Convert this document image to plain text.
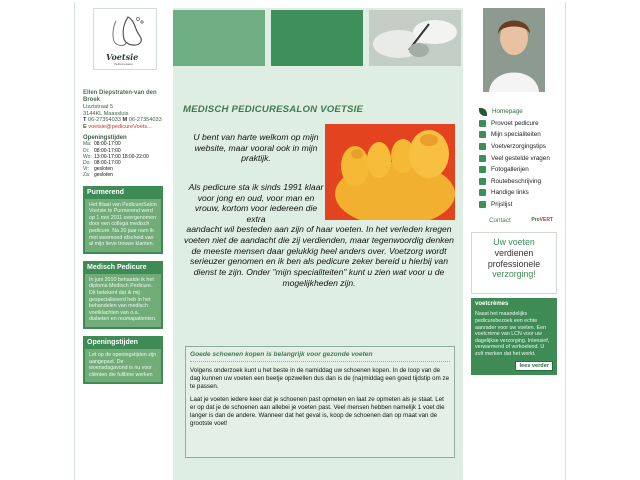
Voetsie
Pedicuresalon
Ellen Diepstraten-van den Broek
Lisztstraat 5
3144KL Maassluis
T 06-27354033 M 06-27354033
E voetsie@pedicureVoets...
Openingstijden
Ma: 08:00-17:00
Di: 08:00-17:00
Wo: 13:00-17:00 18:00-22:00
Do: 08:00-17:00
Vr: gesloten
Za: gesloten
Purmerend
Het filiaal van PedicureSalon Voetsie te Purmerend werd op 1 mei 2011 overgenomen door een collega medisch pedicure. Na 20 jaar nam ik met weemoed afscheid van al mijn lieve trouwe klanten.
Medisch Pedicure
In juni 2010 behaalde ik het diploma Medisch Pedicure. Dit betekent dat ik mij gespecialiseerd heb in het behandelen van medisch voetklachten van o.a. diabeten en reumapatienten.
Openingstijden
Let op de openingstijden zijn aangepast. De woensdagavond is nu voor cliënten die fulltime werken
MEDISCH PEDICURESALON VOETSIE
U bent van harte welkom op mijn website, maar vooral ook in mijn praktijk.
Als pedicure sta ik sinds 1991 klaar voor jong en oud, voor man en vrouw, kortom voor iedereen die extra
aandacht wil besteden aan zijn of haar voeten. In het verleden kregen voeten niet de aandacht die zij verdienden, maar tegenwoordig denken de meeste mensen daar gelukkig heel anders over. Voetzorg wordt serieuzer genomen en ik ben als pedicure zeker bereid u hierbij van dienst te zijn. Onder "mijn specialiteiten" kunt u zien wat voor u de mogelijkheden zijn.
Goede schoenen kopen is belangrijk voor gezonde voeten

Volgens onderzoek kunt u het beste in de namiddag uw schoenen kopen. In de loop van de dag kunnen uw voeten een beetje opzwellen dus dan is de (na)middag een goed tijdstip om ze te passen.

Laat je voeten iedere keer dat je schoenen past opmeten en laat ze opmeten als je staat. Let er op dat je de schoenen aan allebei je voeten past. Veel mensen hebben namelijk 1 voet die langer is dan de andere. Wanneer dat het geval is, koop de schoenen dan op maat van de grootste voet!

Homepage
Provoet pedicure
Mijn specialiteiten
Voetverzorgingstips
Veel gestelde vragen
Fotogallerijen
Routebeschrijving
Handige links
Prijslijst
Contact	ProVERT
Uw voeten
verdienen
professionele
verzorging!
voetcrèmes
Naast het maandelijks pedicurebezoek een echte aanrader voor uw voeten. Een voetcrème van LCN voor uw dagelijkse verzorging. Intensief, verwarmend of verkoelend. U zult merken dat het werkt.
lees verder
